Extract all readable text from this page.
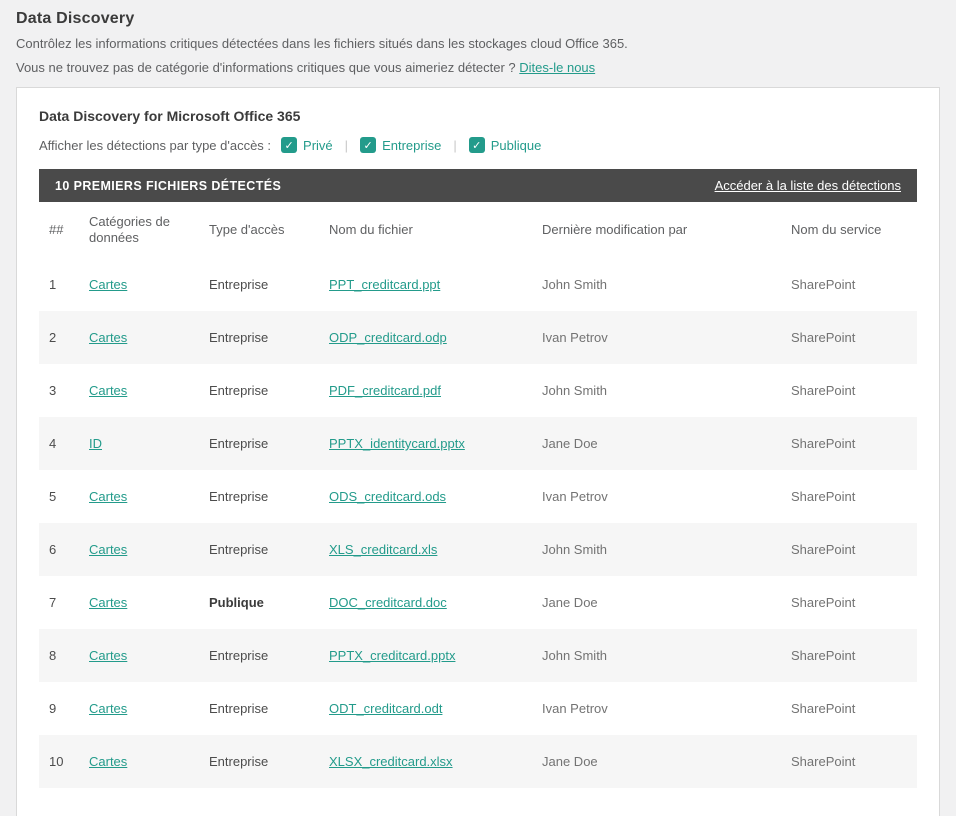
Data Discovery
Contrôlez les informations critiques détectées dans les fichiers situés dans les stockages cloud Office 365.
Vous ne trouvez pas de catégorie d'informations critiques que vous aimeriez détecter ? Dites-le nous
Data Discovery for Microsoft Office 365
Afficher les détections par type d'accès : ✓ Privé | ✓	Entreprise | ✓	Publique
10 PREMIERS FICHIERS DÉTECTÉS	Accéder à la liste des détections
##	Catégories de données	Type d'accès	Nom du fichier	Dernière modification par	Nom du service
1	Cartes	Entreprise	PPT_creditcard.ppt	John Smith	SharePoint
2	Cartes	Entreprise	ODP_creditcard.odp	Ivan Petrov	SharePoint
3	Cartes	Entreprise	PDF_creditcard.pdf	John Smith	SharePoint
4	ID	Entreprise	PPTX_identitycard.pptx	Jane Doe	SharePoint
5	Cartes	Entreprise	ODS_creditcard.ods	Ivan Petrov	SharePoint
6	Cartes	Entreprise	XLS_creditcard.xls	John Smith	SharePoint
7	Cartes	Publique	DOC_creditcard.doc	Jane Doe	SharePoint
8	Cartes	Entreprise	PPTX_creditcard.pptx	John Smith	SharePoint
9	Cartes	Entreprise	ODT_creditcard.odt	Ivan Petrov	SharePoint
10	Cartes	Entreprise	XLSX_creditcard.xlsx	Jane Doe	SharePoint
